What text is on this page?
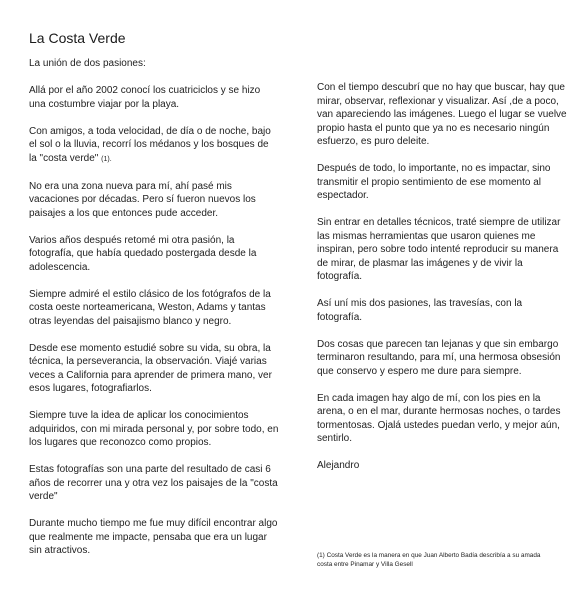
La Costa Verde

La unión de dos pasiones:

Allá por el año 2002 conocí los cuatriciclos y se hizo una costumbre viajar por la playa.

Con amigos, a toda velocidad, de día o de noche, bajo el sol o la lluvia, recorrí los médanos y los bosques de la "costa verde" (1).

No era una zona nueva para mí, ahí pasé mis vacaciones por décadas. Pero sí fueron nuevos los paisajes a los que entonces pude acceder.

Varios años después retomé mi otra pasión, la fotografía, que había quedado postergada desde la adolescencia.

Siempre admiré el estilo clásico de los fotógrafos de la costa oeste norteamericana, Weston, Adams y tantas otras leyendas del paisajismo blanco y negro.

Desde ese momento estudié sobre su vida, su obra, la técnica, la perseverancia, la observación. Viajé varias veces a California para aprender de primera mano, ver esos lugares, fotografiarlos.

Siempre tuve la idea de aplicar los conocimientos adquiridos, con mi mirada personal y, por sobre todo, en los lugares que reconozco como propios.

Estas fotografías son una parte del resultado de casi 6 años de recorrer una y otra vez los paisajes de la "costa verde"

Durante mucho tiempo me fue muy difícil encontrar algo que realmente me impacte, pensaba que era un lugar sin atractivos.

Con el tiempo descubrí que no hay que buscar, hay que mirar, observar, reflexionar y visualizar. Así ,de a poco, van apareciendo las imágenes. Luego el lugar se vuelve propio hasta el punto que ya no es necesario ningún esfuerzo, es puro deleite.

Después de todo, lo importante, no es impactar, sino transmitir el propio sentimiento de ese momento al espectador.

Sin entrar en detalles técnicos, traté siempre de utilizar las mismas herramientas que usaron quienes me inspiran, pero sobre todo intenté reproducir su manera de mirar, de plasmar las imágenes y de vivir la fotografía.

Así uní mis dos pasiones, las travesías, con la fotografía.

Dos cosas que parecen tan lejanas y que sin embargo terminaron resultando, para mí, una hermosa obsesión que conservo y espero me dure para siempre.

En cada imagen hay algo de mí, con los pies en la arena, o en el mar, durante hermosas noches, o tardes tormentosas. Ojalá ustedes puedan verlo, y mejor aún, sentirlo.

Alejandro

(1) Costa Verde es la manera en que Juan Alberto Badía describía a su amada costa entre Pinamar y Villa Gesell
